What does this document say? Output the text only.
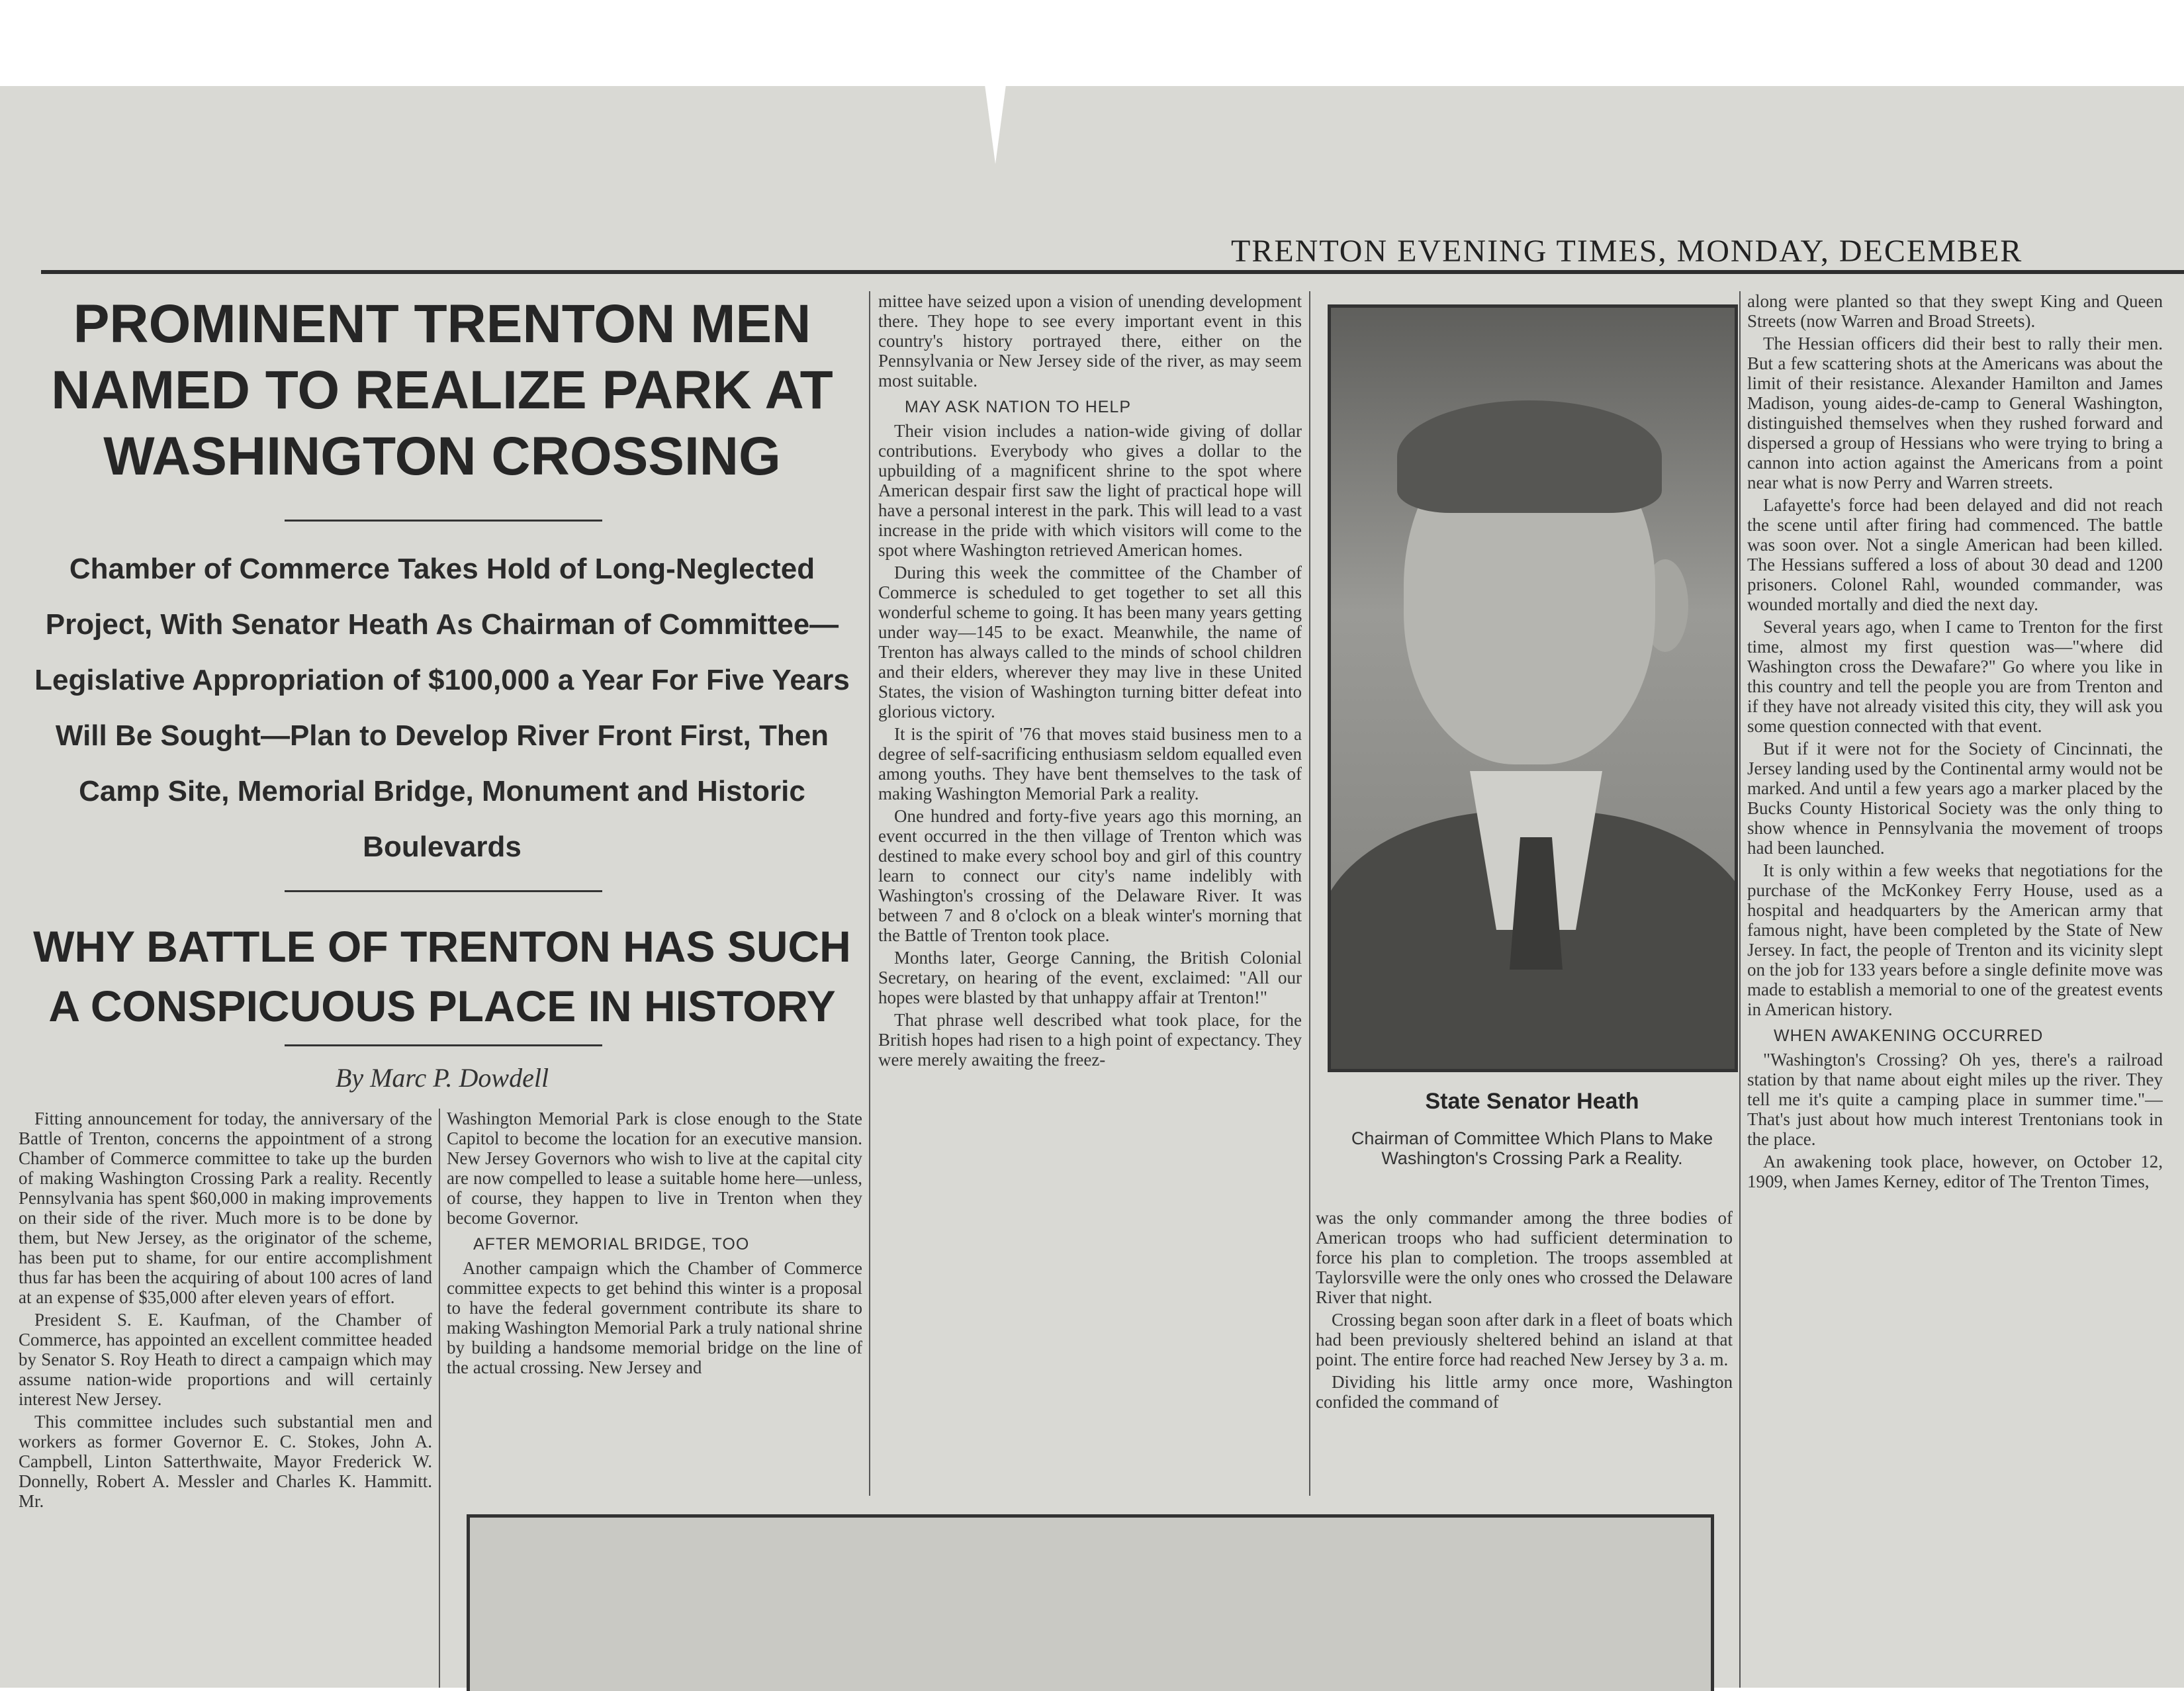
TRENTON EVENING TIMES, MONDAY, DECEMBER
PROMINENT TRENTON MEN NAMED TO REALIZE PARK AT WASHINGTON CROSSING
Chamber of Commerce Takes Hold of Long-Neglected Project, With Senator Heath As Chairman of Committee—Legislative Appropriation of $100,000 a Year For Five Years Will Be Sought—Plan to Develop River Front First, Then Camp Site, Memorial Bridge, Monument and Historic Boulevards
WHY BATTLE OF TRENTON HAS SUCH A CONSPICUOUS PLACE IN HISTORY
By Marc P. Dowdell

Fitting announcement for today, the anniversary of the Battle of Trenton, concerns the appointment of a strong Chamber of Commerce committee to take up the burden of making Washington Crossing Park a reality. Recently Pennsylvania has spent $60,000 in making improvements on their side of the river. Much more is to be done by them, but New Jersey, as the originator of the scheme, has been put to shame, for our entire accomplishment thus far has been the acquiring of about 100 acres of land at an expense of $35,000 after eleven years of effort.

President S. E. Kaufman, of the Chamber of Commerce, has appointed an excellent committee headed by Senator S. Roy Heath to direct a campaign which may assume nation-wide proportions and will certainly interest New Jersey.

This committee includes such substantial men and workers as former Governor E. C. Stokes, John A. Campbell, Linton Satterthwaite, Mayor Frederick W. Donnelly, Robert A. Messler and Charles K. Hammitt. Mr.

Washington Memorial Park is close enough to the State Capitol to become the location for an executive mansion. New Jersey Governors who wish to live at the capital city are now compelled to lease a suitable home here—unless, of course, they happen to live in Trenton when they become Governor.

AFTER MEMORIAL BRIDGE, TOO

Another campaign which the Chamber of Commerce committee expects to get behind this winter is a proposal to have the federal government contribute its share to making Washington Memorial Park a truly national shrine by building a handsome memorial bridge on the line of the actual crossing. New Jersey and

mittee have seized upon a vision of unending development there. They hope to see every important event in this country's history portrayed there, either on the Pennsylvania or New Jersey side of the river, as may seem most suitable.

MAY ASK NATION TO HELP

Their vision includes a nation-wide giving of dollar contributions. Everybody who gives a dollar to the upbuilding of a magnificent shrine to the spot where American despair first saw the light of practical hope will have a personal interest in the park. This will lead to a vast increase in the pride with which visitors will come to the spot where Washington retrieved American homes.

During this week the committee of the Chamber of Commerce is scheduled to get together to set all this wonderful scheme to going. It has been many years getting under way—145 to be exact. Meanwhile, the name of Trenton has always called to the minds of school children and their elders, wherever they may live in these United States, the vision of Washington turning bitter defeat into glorious victory.

It is the spirit of '76 that moves staid business men to a degree of self-sacrificing enthusiasm seldom equalled even among youths. They have bent themselves to the task of making Washington Memorial Park a reality.

One hundred and forty-five years ago this morning, an event occurred in the then village of Trenton which was destined to make every school boy and girl of this country learn to connect our city's name indelibly with Washington's crossing of the Delaware River. It was between 7 and 8 o'clock on a bleak winter's morning that the Battle of Trenton took place.

Months later, George Canning, the British Colonial Secretary, on hearing of the event, exclaimed: "All our hopes were blasted by that unhappy affair at Trenton!"

That phrase well described what took place, for the British hopes had risen to a high point of expectancy. They were merely awaiting the freez-

State Senator Heath
Chairman of Committee Which Plans to Make Washington's Crossing Park a Reality.

was the only commander among the three bodies of American troops who had sufficient determination to force his plan to completion. The troops assembled at Taylorsville were the only ones who crossed the Delaware River that night.

Crossing began soon after dark in a fleet of boats which had been previously sheltered behind an island at that point. The entire force had reached New Jersey by 3 a. m.

Dividing his little army once more, Washington confided the command of

along were planted so that they swept King and Queen Streets (now Warren and Broad Streets).

The Hessian officers did their best to rally their men. But a few scattering shots at the Americans was about the limit of their resistance. Alexander Hamilton and James Madison, young aides-de-camp to General Washington, distinguished themselves when they rushed forward and dispersed a group of Hessians who were trying to bring a cannon into action against the Americans from a point near what is now Perry and Warren streets.

Lafayette's force had been delayed and did not reach the scene until after firing had commenced. The battle was soon over. Not a single American had been killed. The Hessians suffered a loss of about 30 dead and 1200 prisoners. Colonel Rahl, wounded commander, was wounded mortally and died the next day.

Several years ago, when I came to Trenton for the first time, almost my first question was—"where did Washington cross the Dewafare?" Go where you like in this country and tell the people you are from Trenton and if they have not already visited this city, they will ask you some question connected with that event.

But if it were not for the Society of Cincinnati, the Jersey landing used by the Continental army would not be marked. And until a few years ago a marker placed by the Bucks County Historical Society was the only thing to show whence in Pennsylvania the movement of troops had been launched.

It is only within a few weeks that negotiations for the purchase of the McKonkey Ferry House, used as a hospital and headquarters by the American army that famous night, have been completed by the State of New Jersey. In fact, the people of Trenton and its vicinity slept on the job for 133 years before a single definite move was made to establish a memorial to one of the greatest events in American history.

WHEN AWAKENING OCCURRED

"Washington's Crossing? Oh yes, there's a railroad station by that name about eight miles up the river. They tell me it's quite a camping place in summer time."—That's just about how much interest Trentonians took in the place.

An awakening took place, however, on October 12, 1909, when James Kerney, editor of The Trenton Times,
